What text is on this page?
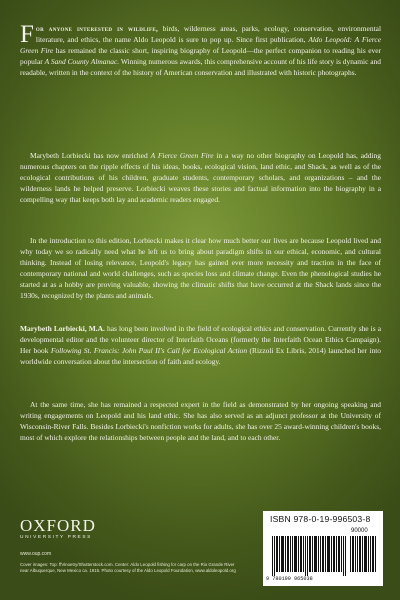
For anyone interested in wildlife, birds, wilderness areas, parks, ecology, conservation, environmental literature, and ethics, the name Aldo Leopold is sure to pop up. Since first publication, Aldo Leopold: A Fierce Green Fire has remained the classic short, inspiring biography of Leopold—the perfect companion to reading his ever popular A Sand County Almanac. Winning numerous awards, this comprehensive account of his life story is dynamic and readable, written in the context of the history of American conservation and illustrated with historic photographs.

Marybeth Lorbiecki has now enriched A Fierce Green Fire in a way no other biography on Leopold has, adding numerous chapters on the ripple effects of his ideas, books, ecological vision, land ethic, and Shack, as well as of the ecological contributions of his children, graduate students, contemporary scholars, and organizations – and the wilderness lands he helped preserve. Lorbiecki weaves these stories and factual information into the biography in a compelling way that keeps both lay and academic readers engaged.

In the introduction to this edition, Lorbiecki makes it clear how much better our lives are because Leopold lived and why today we so radically need what he left us to bring about paradigm shifts in our ethical, economic, and cultural thinking. Instead of losing relevance, Leopold's legacy has gained ever more necessity and traction in the face of contemporary national and world challenges, such as species loss and climate change. Even the phenological studies he started at as a hobby are proving valuable, showing the climatic shifts that have occurred at the Shack lands since the 1930s, recognized by the plants and animals.

Marybeth Lorbiecki, M.A. has long been involved in the field of ecological ethics and conservation. Currently she is a developmental editor and the volunteer director of Interfaith Oceans (formerly the Interfaith Ocean Ethics Campaign). Her book Following St. Francis: John Paul II's Call for Ecological Action (Rizzoli Ex Libris, 2014) launched her into worldwide conversation about the intersection of faith and ecology.

At the same time, she has remained a respected expert in the field as demonstrated by her ongoing speaking and writing engagements on Leopold and his land ethic. She has also served as an adjunct professor at the University of Wisconsin-River Falls. Besides Lorbiecki's nonfiction works for adults, she has over 25 award-winning children's books, most of which explore the relationships between people and the land, and to each other.

OXFORD
UNIVERSITY PRESS
www.oup.com

Cover images: Top: ffVinoetry/Shutterstock.com. Center: Aldo Leopold fishing for carp on the Rio Grande River near Albuquerque, New Mexico ca. 1915. Photo courtesy of the Aldo Leopold Foundation, www.aldoleopold.org

ISBN 978-0-19-996503-8
90000
9 780199 965038
